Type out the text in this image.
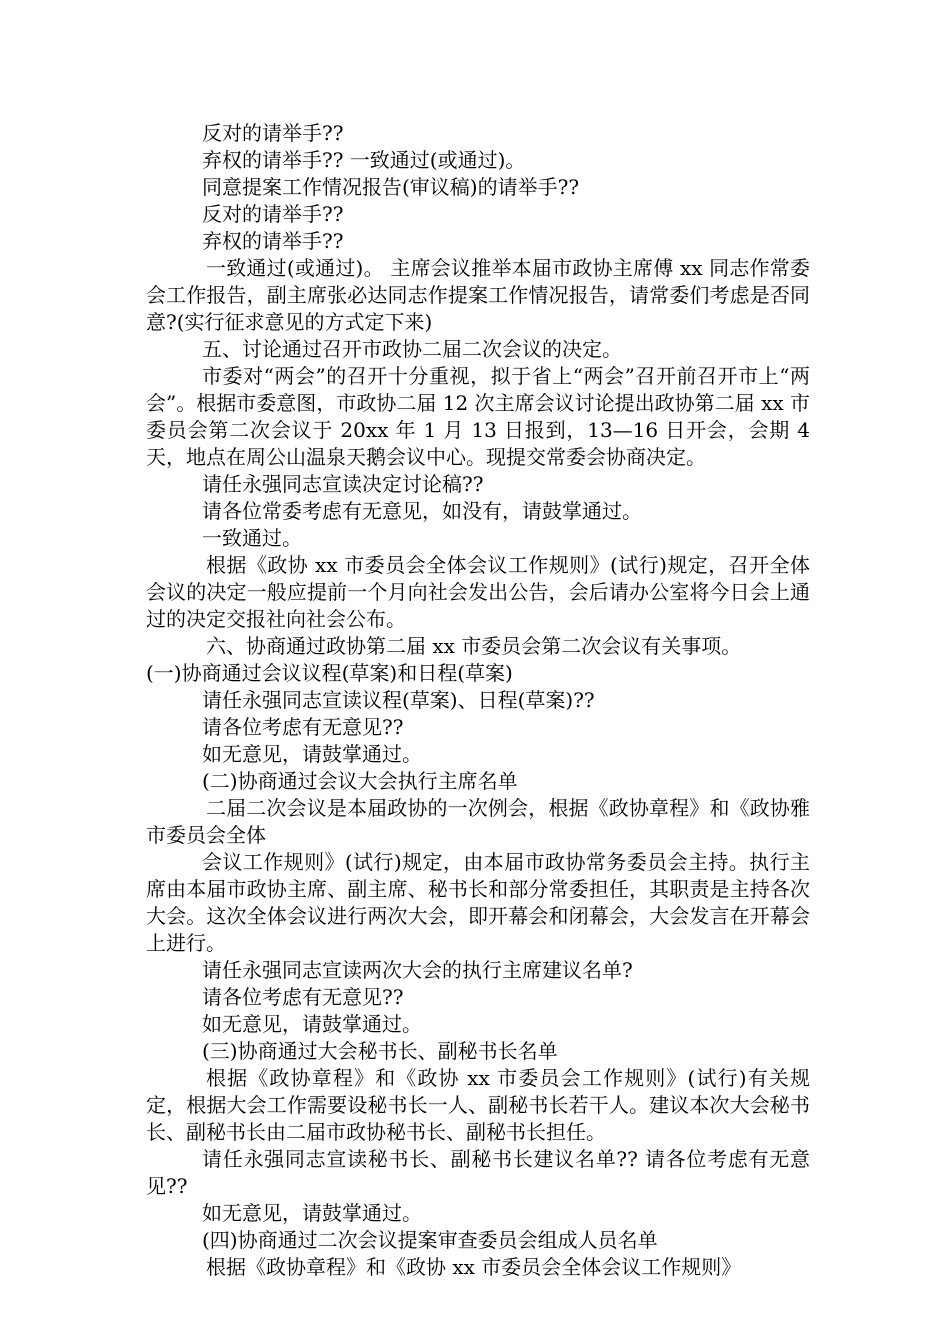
反对的请举手??

弃权的请举手?? 一致通过(或通过)。

同意提案工作情况报告(审议稿)的请举手??

反对的请举手??

弃权的请举手??

一致通过(或通过)。 主席会议推举本届市政协主席傅 xx 同志作常委会工作报告，副主席张必达同志作提案工作情况报告，请常委们考虑是否同意?(实行征求意见的方式定下来)

五、讨论通过召开市政协二届二次会议的决定。

市委对“两会”的召开十分重视，拟于省上“两会”召开前召开市上“两会”。根据市委意图，市政协二届 12 次主席会议讨论提出政协第二届 xx 市委员会第二次会议于 20xx 年 1 月 13 日报到，13—16 日开会，会期 4 天，地点在周公山温泉天鹅会议中心。现提交常委会协商决定。

请任永强同志宣读决定讨论稿??

请各位常委考虑有无意见，如没有，请鼓掌通过。

一致通过。

根据《政协 xx 市委员会全体会议工作规则》(试行)规定，召开全体会议的决定一般应提前一个月向社会发出公告，会后请办公室将今日会上通过的决定交报社向社会公布。

六、协商通过政协第二届 xx 市委员会第二次会议有关事项。

(一)协商通过会议议程(草案)和日程(草案)

请任永强同志宣读议程(草案)、日程(草案)??

请各位考虑有无意见??

如无意见，请鼓掌通过。

(二)协商通过会议大会执行主席名单

二届二次会议是本届政协的一次例会，根据《政协章程》和《政协雅市委员会全体

会议工作规则》(试行)规定，由本届市政协常务委员会主持。执行主席由本届市政协主席、副主席、秘书长和部分常委担任，其职责是主持各次大会。这次全体会议进行两次大会，即开幕会和闭幕会，大会发言在开幕会上进行。

请任永强同志宣读两次大会的执行主席建议名单?

请各位考虑有无意见??

如无意见，请鼓掌通过。

(三)协商通过大会秘书长、副秘书长名单

根据《政协章程》和《政协 xx 市委员会工作规则》(试行)有关规定，根据大会工作需要设秘书长一人、副秘书长若干人。建议本次大会秘书长、副秘书长由二届市政协秘书长、副秘书长担任。

请任永强同志宣读秘书长、副秘书长建议名单?? 请各位考虑有无意见??

如无意见，请鼓掌通过。

(四)协商通过二次会议提案审查委员会组成人员名单

根据《政协章程》和《政协 xx 市委员会全体会议工作规则》
